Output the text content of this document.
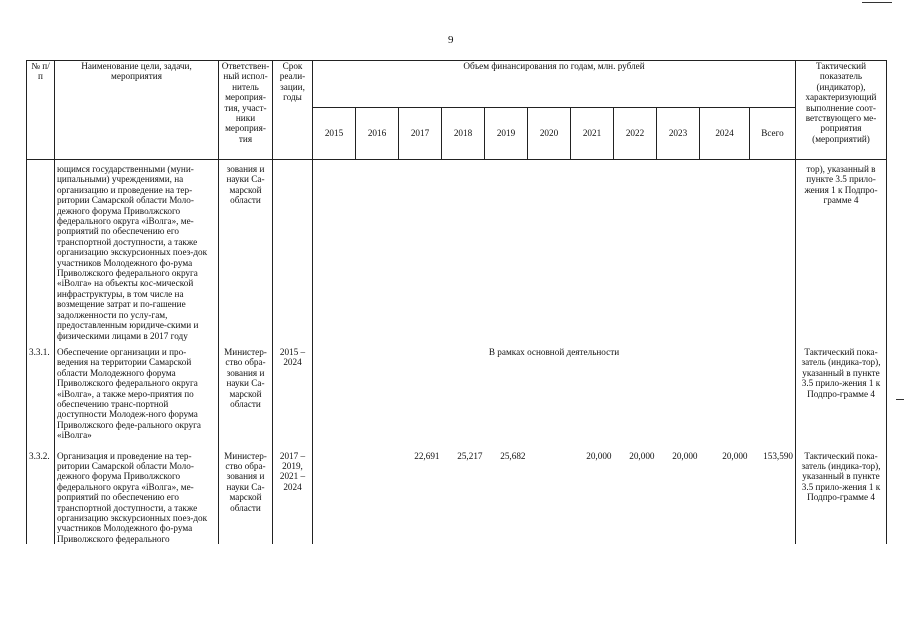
9
№ п/п	Наименование цели, задачи, мероприятия	Ответствен-ный испол-нитель мероприя-тия, участ-ники мероприя-тия	Срок реали-зации, годы	Объем финансирования по годам, млн. рублей											Тактический показатель (индикатор), характеризующий выполнение соот-ветствующего ме-роприятия (мероприятий)
				2015	2016	2017	2018	2019	2020	2021	2022	2023	2024	Всего	
	ющимся государственными (муни-ципальными) учреждениями, на организацию и проведение на тер-ритории Самарской области Моло-дежного форума Приволжского федерального округа «iВолга», ме-роприятий по обеспечению его транспортной доступности, а также организацию экскурсионных поез-док участников Молодежного фо-рума Приволжского федерального округа «iВолга» на объекты кос-мической инфраструктуры, в том числе на возмещение затрат и по-гашение задолженности по услу-гам, предоставленным юридиче-скими и физическими лицами в 2017 году	зования и науки Са-марской области													тор), указанный в пункте 3.5 прило-жения 1 к Подпро-грамме 4
3.3.1.	Обеспечение организации и про-ведения на территории Самарской области Молодежного форума Приволжского федерального округа «iВолга», а также меро-приятия по обеспечению транс-портной доступности Молодеж-ного форума Приволжского феде-рального округа «iВолга»	Министер-ство обра-зования и науки Са-марской области	2015 – 2024	В рамках основной деятельности											Тактический пока-затель (индика-тор), указанный в пункте 3.5 прило-жения 1 к Подпро-грамме 4
3.3.2.	Организация и проведение на тер-ритории Самарской области Моло-дежного форума Приволжского федерального округа «iВолга», ме-роприятий по обеспечению его транспортной доступности, а также организацию экскурсионных поез-док участников Молодежного фо-рума Приволжского федерального	Министер-ство обра-зования и науки Са-марской области	2017 – 2019, 2021 – 2024			22,691	25,217	25,682		20,000	20,000	20,000	20,000	153,590	Тактический пока-затель (индика-тор), указанный в пункте 3.5 прило-жения 1 к Подпро-грамме 4
